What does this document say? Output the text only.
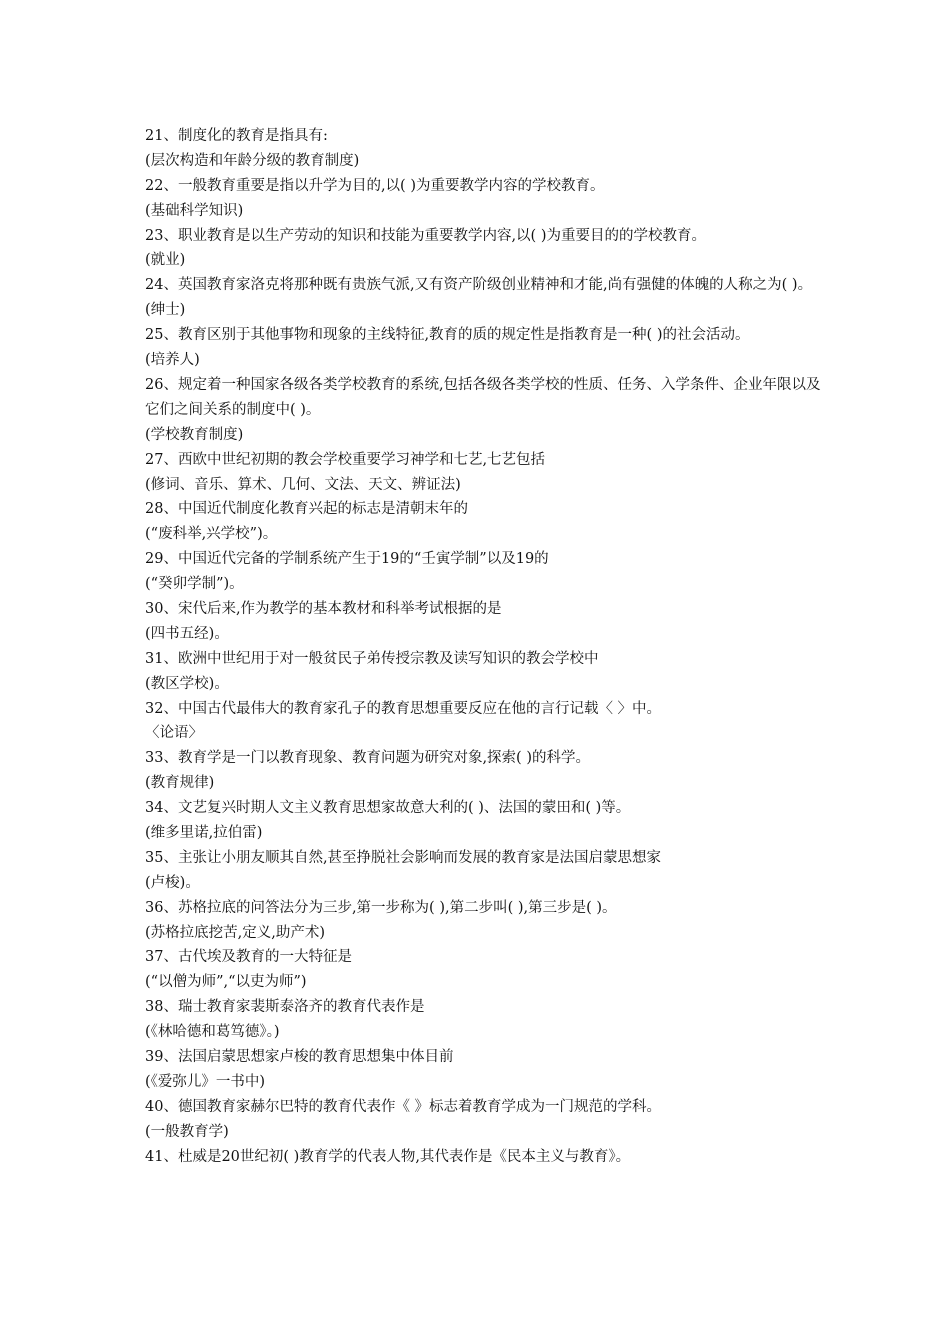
21、制度化的教育是指具有:
(层次构造和年龄分级的教育制度)
22、一般教育重要是指以升学为目的,以( )为重要教学内容的学校教育。
(基础科学知识)
23、职业教育是以生产劳动的知识和技能为重要教学内容,以( )为重要目的的学校教育。
(就业)
24、英国教育家洛克将那种既有贵族气派,又有资产阶级创业精神和才能,尚有强健的体魄的人称之为( )。
(绅士)
25、教育区别于其他事物和现象的主线特征,教育的质的规定性是指教育是一种( )的社会活动。
(培养人)
26、规定着一种国家各级各类学校教育的系统,包括各级各类学校的性质、任务、入学条件、企业年限以及它们之间关系的制度中( )。
(学校教育制度)
27、西欧中世纪初期的教会学校重要学习神学和七艺,七艺包括
(修词、音乐、算术、几何、文法、天文、辨证法)
28、中国近代制度化教育兴起的标志是清朝末年的
(“废科举,兴学校”)。
29、中国近代完备的学制系统产生于19的“壬寅学制”以及19的
(“癸卯学制”)。
30、宋代后来,作为教学的基本教材和科举考试根据的是
(四书五经)。
31、欧洲中世纪用于对一般贫民子弟传授宗教及读写知识的教会学校中
(教区学校)。
32、中国古代最伟大的教育家孔子的教育思想重要反应在他的言行记载〈 〉中。
〈论语〉
33、教育学是一门以教育现象、教育问题为研究对象,探索( )的科学。
(教育规律)
34、文艺复兴时期人文主义教育思想家故意大利的( )、法国的蒙田和( )等。
(维多里诺,拉伯雷)
35、主张让小朋友顺其自然,甚至挣脱社会影响而发展的教育家是法国启蒙思想家
(卢梭)。
36、苏格拉底的问答法分为三步,第一步称为( ),第二步叫( ),第三步是( )。
(苏格拉底挖苦,定义,助产术)
37、古代埃及教育的一大特征是
(“以僧为师”,“以吏为师”)
38、瑞士教育家裴斯泰洛齐的教育代表作是
(《林哈德和葛笃德》。)
39、法国启蒙思想家卢梭的教育思想集中体目前
(《爱弥儿》一书中)
40、德国教育家赫尔巴特的教育代表作《 》标志着教育学成为一门规范的学科。
(一般教育学)
41、杜威是20世纪初( )教育学的代表人物,其代表作是《民本主义与教育》。
